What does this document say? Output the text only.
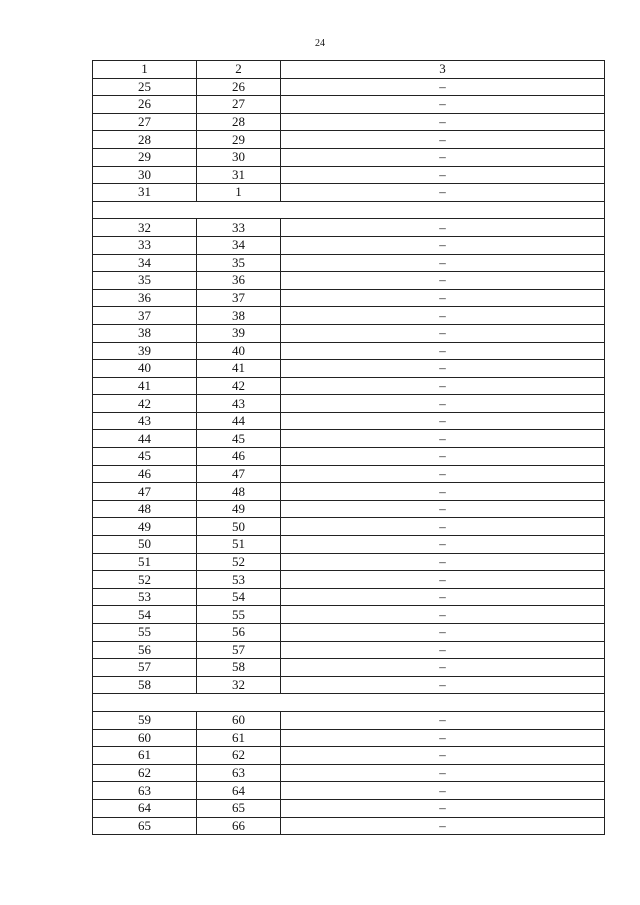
24
1	2	3
25	26	–
26	27	–
27	28	–
28	29	–
29	30	–
30	31	–
31	1	–

32	33	–
33	34	–
34	35	–
35	36	–
36	37	–
37	38	–
38	39	–
39	40	–
40	41	–
41	42	–
42	43	–
43	44	–
44	45	–
45	46	–
46	47	–
47	48	–
48	49	–
49	50	–
50	51	–
51	52	–
52	53	–
53	54	–
54	55	–
55	56	–
56	57	–
57	58	–
58	32	–

59	60	–
60	61	–
61	62	–
62	63	–
63	64	–
64	65	–
65	66	–
